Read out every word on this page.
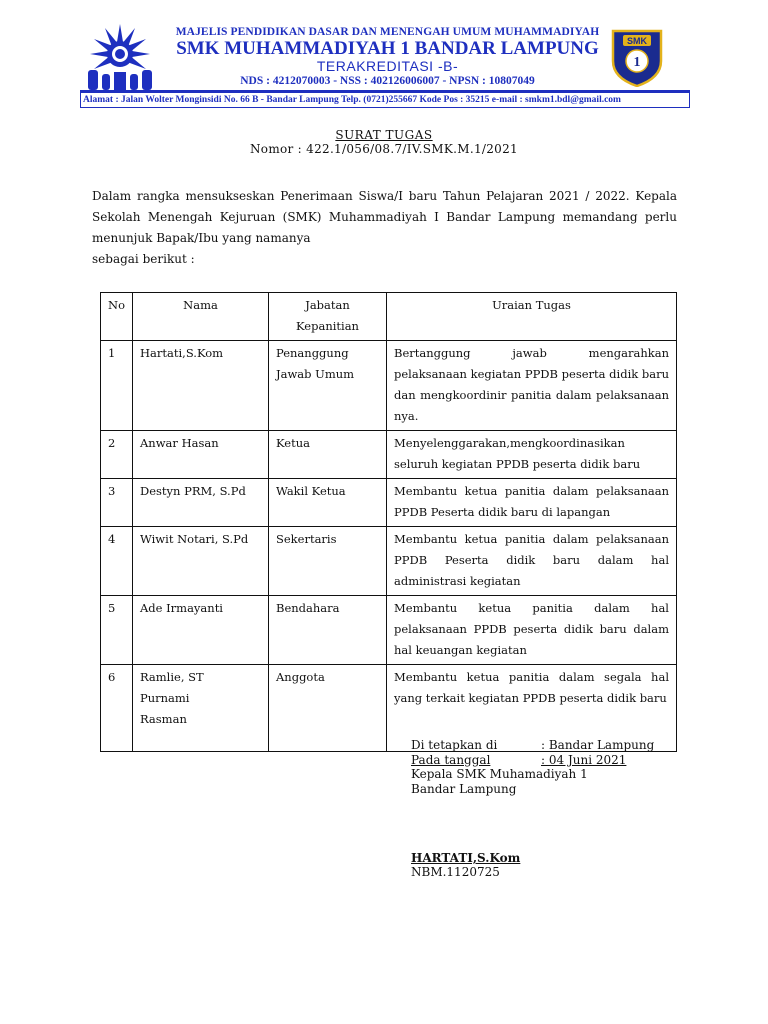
MAJELIS PENDIDIKAN DASAR DAN MENENGAH UMUM MUHAMMADIYAH
SMK MUHAMMADIYAH 1 BANDAR LAMPUNG
TERAKREDITASI -B-
NDS : 4212070003 - NSS : 402126006007 - NPSN : 10807049
SMK
1
Alamat : Jalan Wolter Monginsidi No. 66 B - Bandar Lampung Telp. (0721)255667 Kode Pos : 35215 e-mail : smkm1.bdl@gmail.com
SURAT TUGAS
Nomor : 422.1/056/08.7/IV.SMK.M.1/2021
Dalam rangka mensukseskan Penerimaan Siswa/I baru Tahun Pelajaran 2021 / 2022. Kepala Sekolah Menengah Kejuruan (SMK) Muhammadiyah I Bandar Lampung memandang perlu menunjuk Bapak/Ibu yang namanya
sebagai berikut :
No	Nama	Jabatan Kepanitian	Uraian Tugas
1	Hartati,S.Kom	Penanggung Jawab Umum	Bertanggung jawab mengarahkan pelaksanaan kegiatan PPDB peserta didik baru dan mengkoordinir panitia dalam pelaksanaan nya.
2	Anwar Hasan	Ketua	Menyelenggarakan,mengkoordinasikan seluruh kegiatan PPDB peserta didik baru
3	Destyn PRM, S.Pd	Wakil Ketua	Membantu ketua panitia dalam pelaksanaan PPDB Peserta didik baru di lapangan
4	Wiwit Notari, S.Pd	Sekertaris	Membantu ketua panitia dalam pelaksanaan PPDB Peserta didik baru dalam hal administrasi kegiatan
5	Ade Irmayanti	Bendahara	Membantu ketua panitia dalam hal pelaksanaan PPDB peserta didik baru dalam hal keuangan kegiatan
6	Ramlie, ST
Purnami
Rasman	Anggota	Membantu ketua panitia dalam segala hal yang terkait kegiatan PPDB peserta didik baru
Di tetapkan di	: Bandar Lampung
Pada tanggal	: 04 Juni 2021
Kepala SMK Muhamadiyah 1
Bandar Lampung
HARTATI,S.Kom
NBM.1120725
